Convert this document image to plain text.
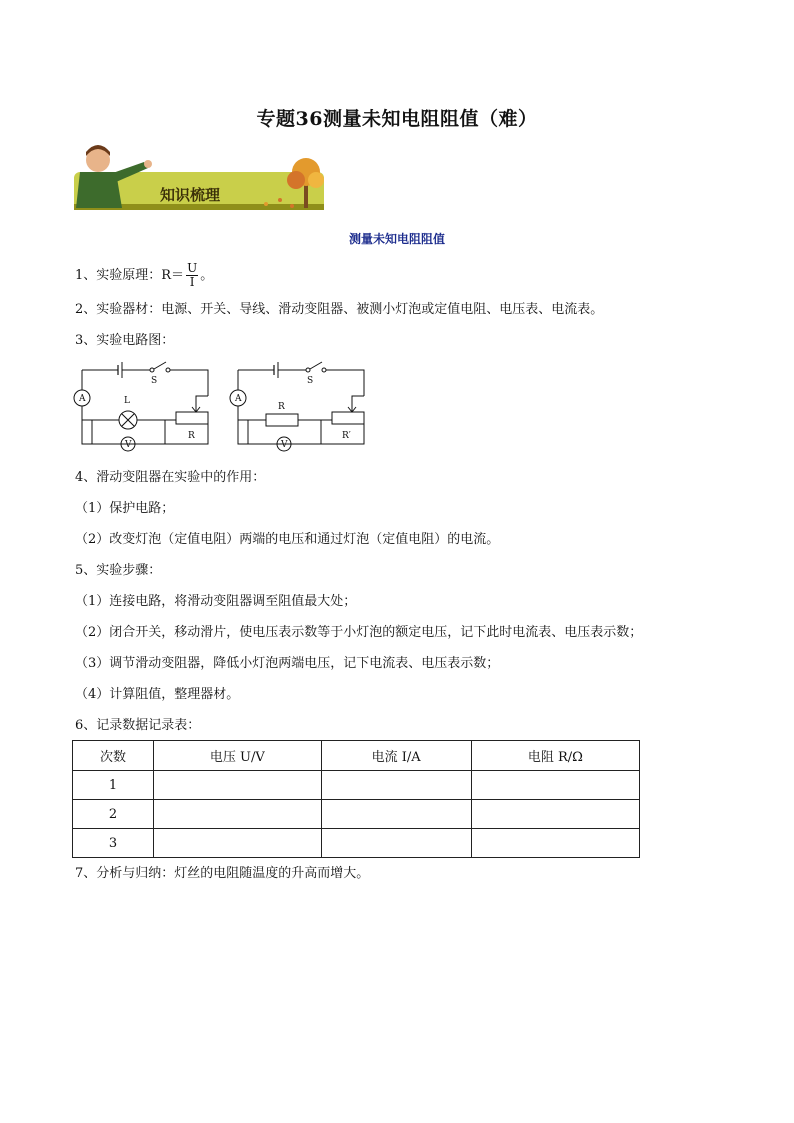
专题36测量未知电阻阻值（难）
知识梳理
测量未知电阻阻值
1、实验原理：$R= \frac{U}{I}$ 。
2、实验器材：电源、开关、导线、滑动变阻器、被测小灯泡或定值电阻、电压表、电流表。
3、实验电路图：
S
A	L
V
R
S
A
R
V
R′
4、滑动变阻器在实验中的作用：
（1）保护电路；
（2）改变灯泡（定值电阻）两端的电压和通过灯泡（定值电阻）的电流。
5、实验步骤：
（1）连接电路，将滑动变阻器调至阻值最大处；
（2）闭合开关，移动滑片，使电压表示数等于小灯泡的额定电压，记下此时电流表、电压表示数；
（3）调节滑动变阻器，降低小灯泡两端电压，记下电流表、电压表示数；
（4）计算阻值，整理器材。
6、记录数据记录表：
次数	电压 U/V	电流 I/A	电阻 R/Ω
1			
2			
3			
7、分析与归纳：灯丝的电阻随温度的升高而增大。
